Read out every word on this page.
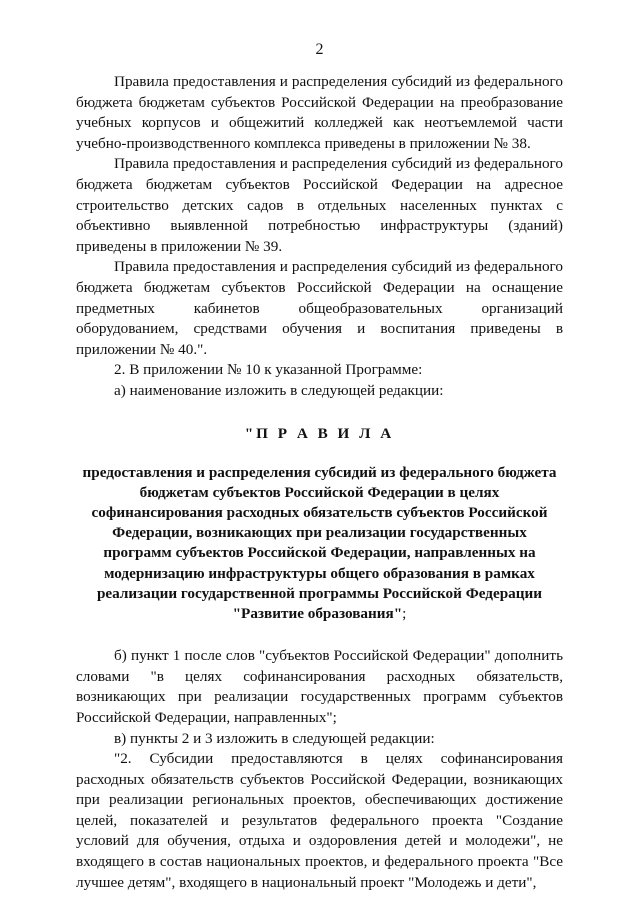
2

Правила предоставления и распределения субсидий из федерального бюджета бюджетам субъектов Российской Федерации на преобразование учебных корпусов и общежитий колледжей как неотъемлемой части учебно-производственного комплекса приведены в приложении № 38.

Правила предоставления и распределения субсидий из федерального бюджета бюджетам субъектов Российской Федерации на адресное строительство детских садов в отдельных населенных пунктах с объективно выявленной потребностью инфраструктуры (зданий) приведены в приложении № 39.

Правила предоставления и распределения субсидий из федерального бюджета бюджетам субъектов Российской Федерации на оснащение предметных кабинетов общеобразовательных организаций оборудованием, средствами обучения и воспитания приведены в приложении № 40.".

2. В приложении № 10 к указанной Программе:

а) наименование изложить в следующей редакции:

"П Р А В И Л А
предоставления и распределения субсидий из федерального бюджета бюджетам субъектов Российской Федерации в целях софинансирования расходных обязательств субъектов Российской Федерации, возникающих при реализации государственных программ субъектов Российской Федерации, направленных на модернизацию инфраструктуры общего образования в рамках реализации государственной программы Российской Федерации "Развитие образования";

б) пункт 1 после слов "субъектов Российской Федерации" дополнить словами "в целях софинансирования расходных обязательств, возникающих при реализации государственных программ субъектов Российской Федерации, направленных";

в) пункты 2 и 3 изложить в следующей редакции:

"2. Субсидии предоставляются в целях софинансирования расходных обязательств субъектов Российской Федерации, возникающих при реализации региональных проектов, обеспечивающих достижение целей, показателей и результатов федерального проекта "Создание условий для обучения, отдыха и оздоровления детей и молодежи", не входящего в состав национальных проектов, и федерального проекта "Все лучшее детям", входящего в национальный проект "Молодежь и дети",
